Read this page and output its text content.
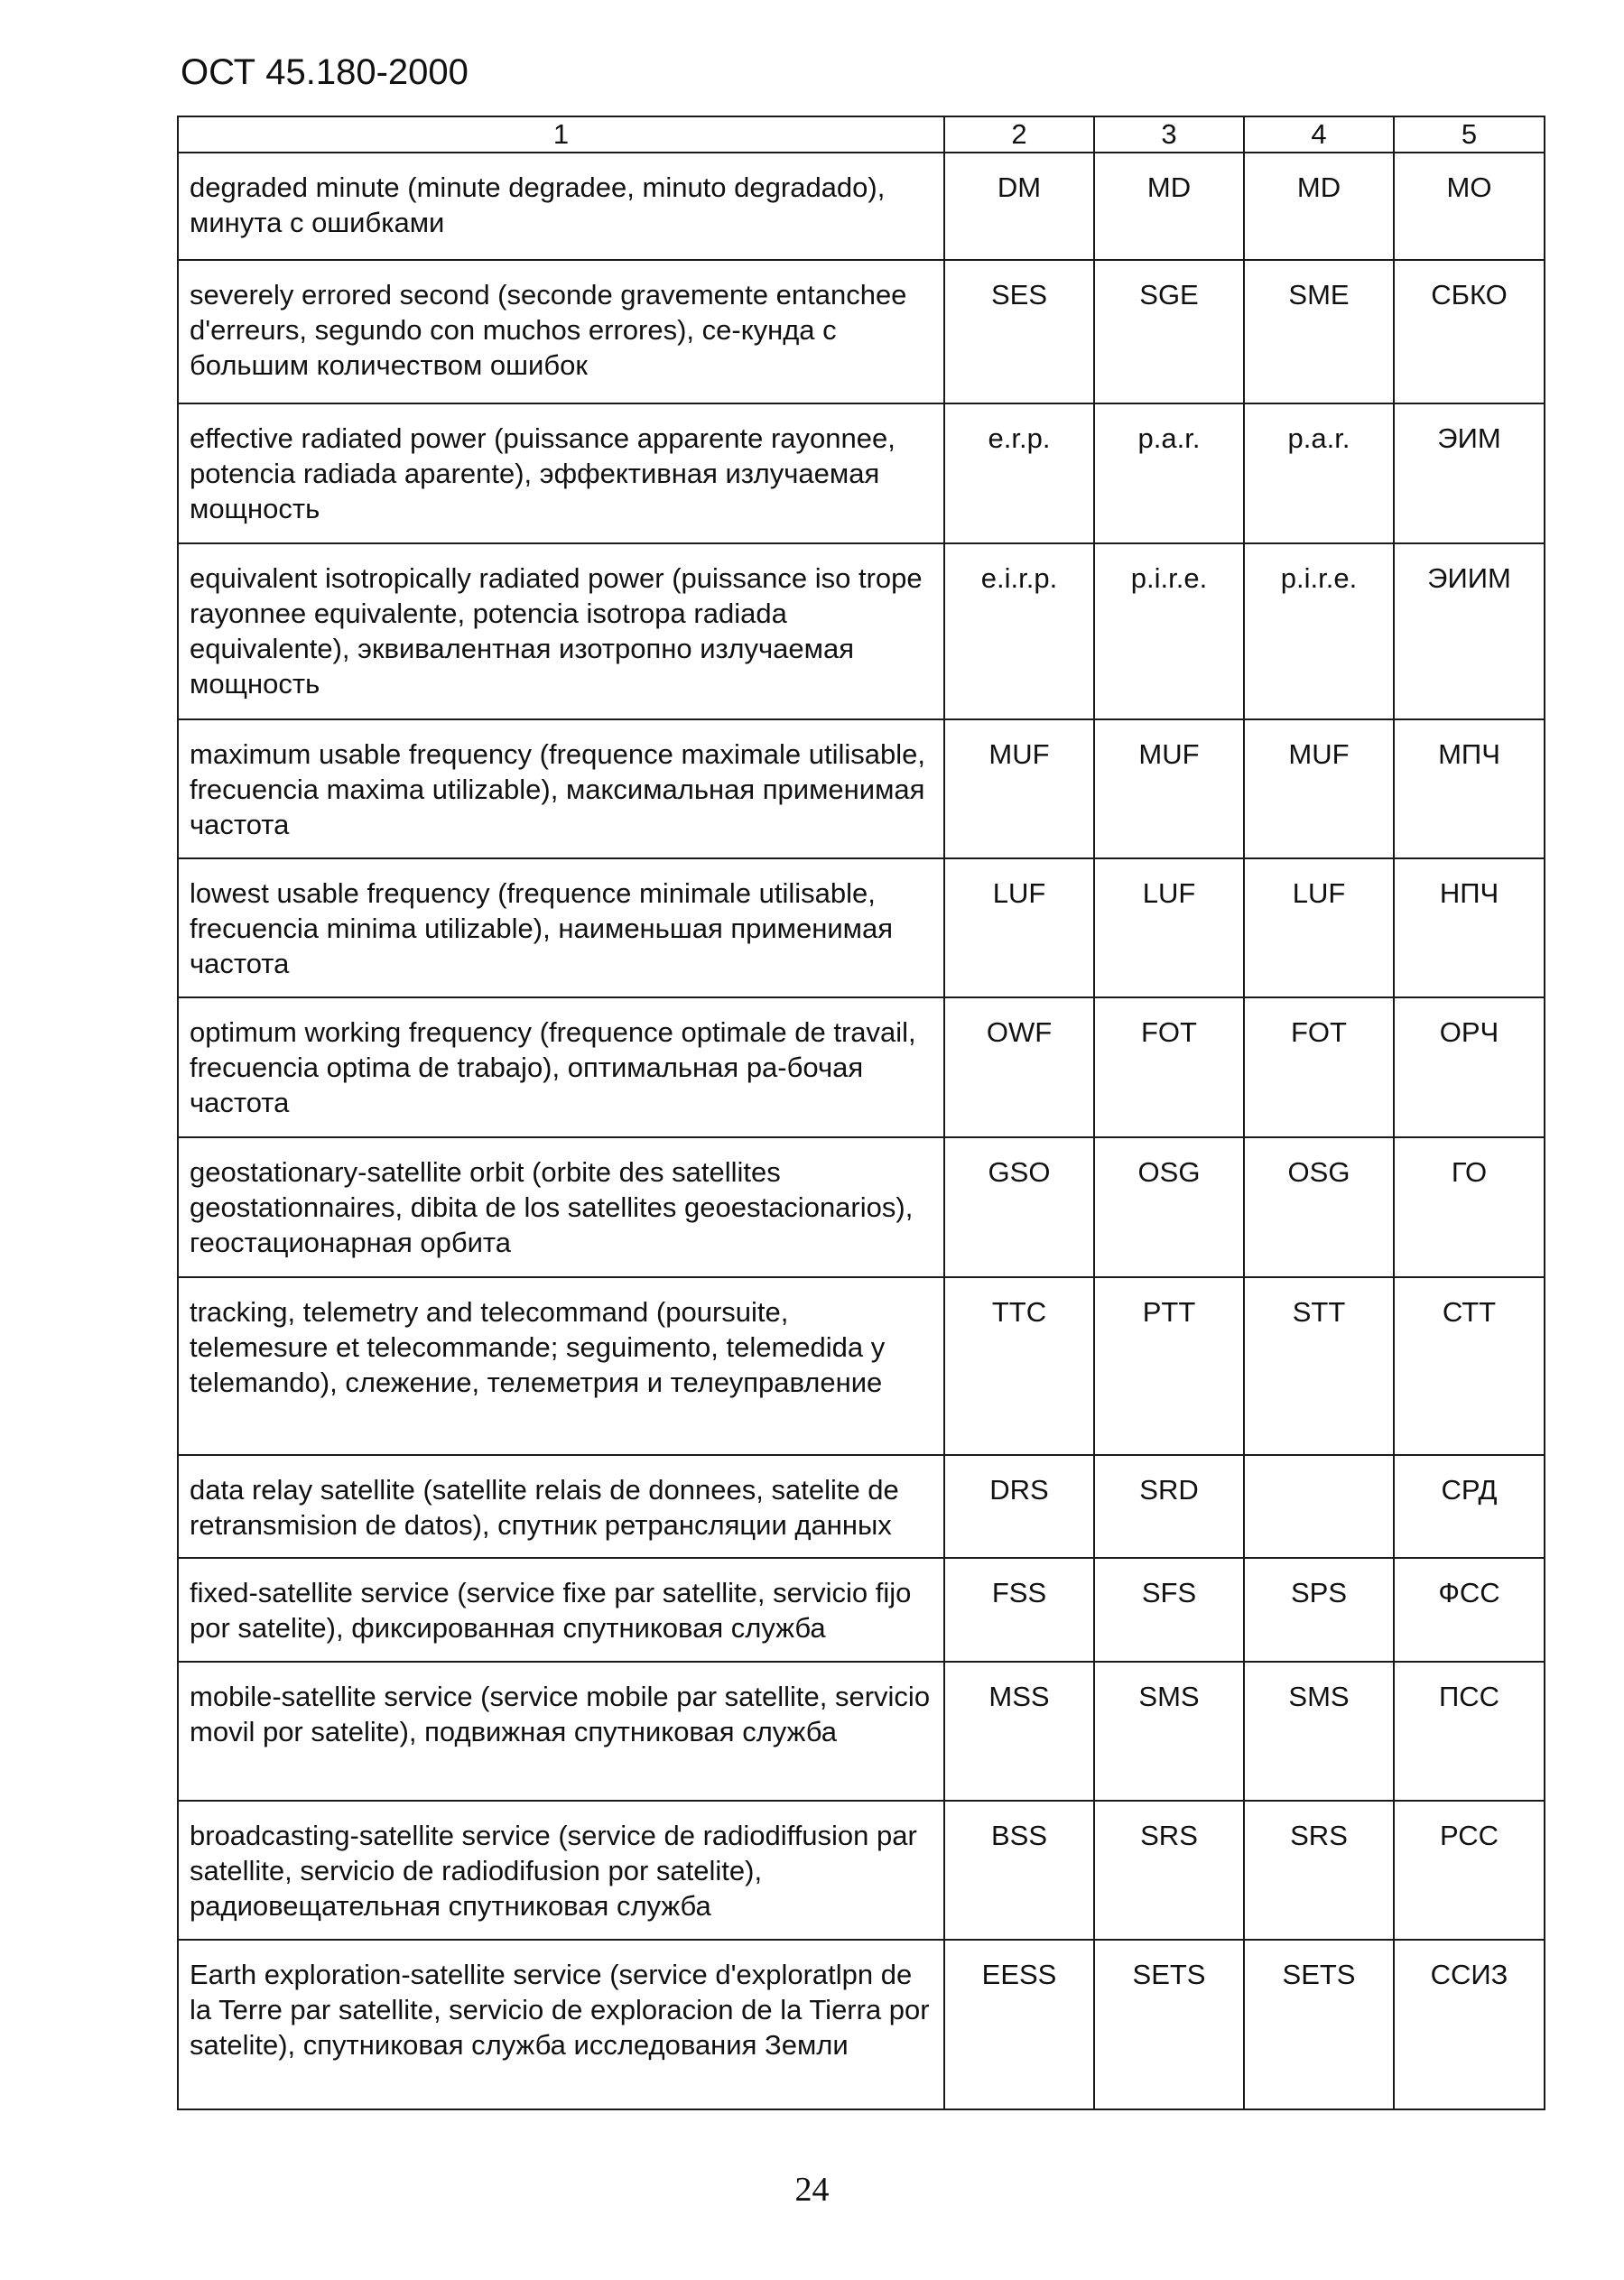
ОСТ 45.180-2000
1	2	3	4	5
degraded minute (minute degradee, minuto degradado), минута с ошибками	DM	MD	MD	МО
severely errored second (seconde gravemente entanchee d'erreurs, segundo con muchos errores), се-кунда с большим количеством ошибок	SES	SGE	SME	СБКО
effective radiated power (puissance apparente rayonnee, potencia radiada aparente), эффективная излучаемая мощность	e.r.p.	p.a.r.	p.a.r.	ЭИМ
equivalent isotropically radiated power (puissance iso trope rayonnee equivalente, potencia isotropa radiada equivalente), эквивалентная изотропно излучаемая мощность	e.i.r.p.	p.i.r.e.	p.i.r.e.	ЭИИМ
maximum usable frequency (frequence maximale utilisable, frecuencia maxima utilizable), максимальная применимая частота	MUF	MUF	MUF	МПЧ
lowest usable frequency (frequence minimale utilisable, frecuencia minima utilizable), наименьшая применимая частота	LUF	LUF	LUF	НПЧ
optimum working frequency (frequence optimale de travail, frecuencia optima de trabajo), оптимальная ра-бочая частота	OWF	FOT	FOT	ОРЧ
geostationary-satellite orbit (orbite des satellites geostationnaires, dibita de los satellites geoestacionarios), геостационарная орбита	GSO	OSG	OSG	ГО
tracking, telemetry and telecommand (poursuite, telemesure et telecommande; seguimento, telemedida y telemando), слежение, телеметрия и телеуправление	TTC	PTT	STT	СТТ
data relay satellite (satellite relais de donnees, satelite de retransmision de datos), спутник ретрансляции данных	DRS	SRD		СРД
fixed-satellite service (service fixe par satellite, servicio fijo por satelite), фиксированная спутниковая служба	FSS	SFS	SPS	ФСС
mobile-satellite service (service mobile par satellite, servicio movil por satelite), подвижная спутниковая служба	MSS	SMS	SMS	ПСС
broadcasting-satellite service (service de radiodiffusion par satellite, servicio de radiodifusion por satelite), радиовещательная спутниковая служба	BSS	SRS	SRS	РСС
Earth exploration-satellite service (service d'exploratlpn de la Terre par satellite, servicio de exploracion de la Tierra por satelite), спутниковая служба исследования Земли	EESS	SETS	SETS	ССИЗ
24
